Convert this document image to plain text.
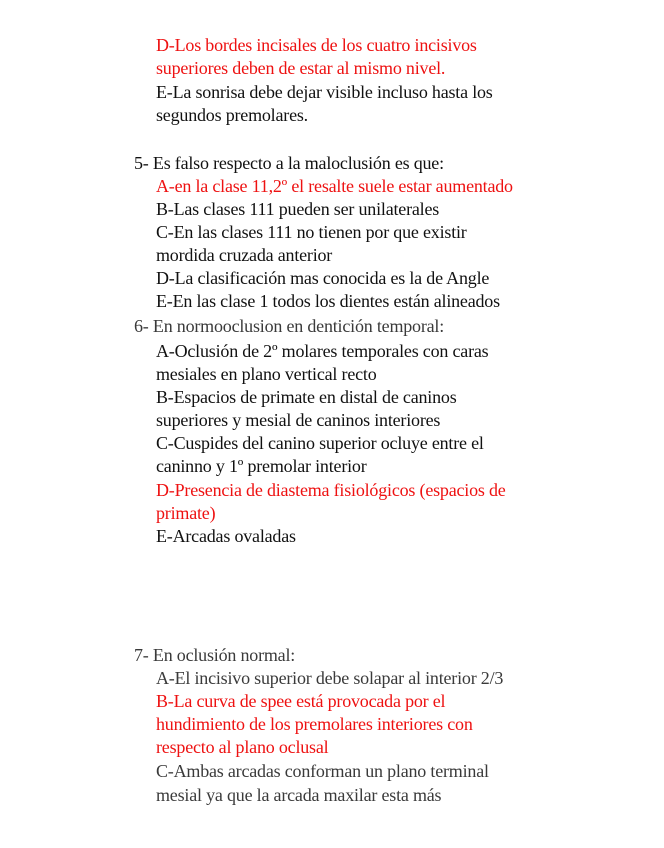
D-Los bordes incisales de los cuatro incisivos
superiores deben de estar al mismo nivel.
E-La sonrisa debe dejar visible incluso hasta los
segundos premolares.
5- Es falso respecto a la maloclusión es que:
A-en la clase 11,2º el resalte suele estar aumentado
B-Las clases 111 pueden ser unilaterales
C-En las clases 111 no tienen por que existir
mordida cruzada anterior
D-La clasificación mas conocida es la de Angle
E-En las clase 1 todos los dientes están alineados
6- En normooclusion en dentición temporal:
A-Oclusión de 2º molares temporales con caras
mesiales en plano vertical recto
B-Espacios de primate en distal de caninos
superiores y mesial de caninos interiores
C-Cuspides del canino superior ocluye entre el
caninno y 1º premolar interior
D-Presencia de diastema fisiológicos (espacios de
primate)
E-Arcadas ovaladas
7- En oclusión normal:
A-El incisivo superior debe solapar al interior 2/3
B-La curva de spee está provocada por el
hundimiento de los premolares interiores con
respecto al plano oclusal
C-Ambas arcadas conforman un plano terminal
mesial ya que la arcada maxilar esta más
